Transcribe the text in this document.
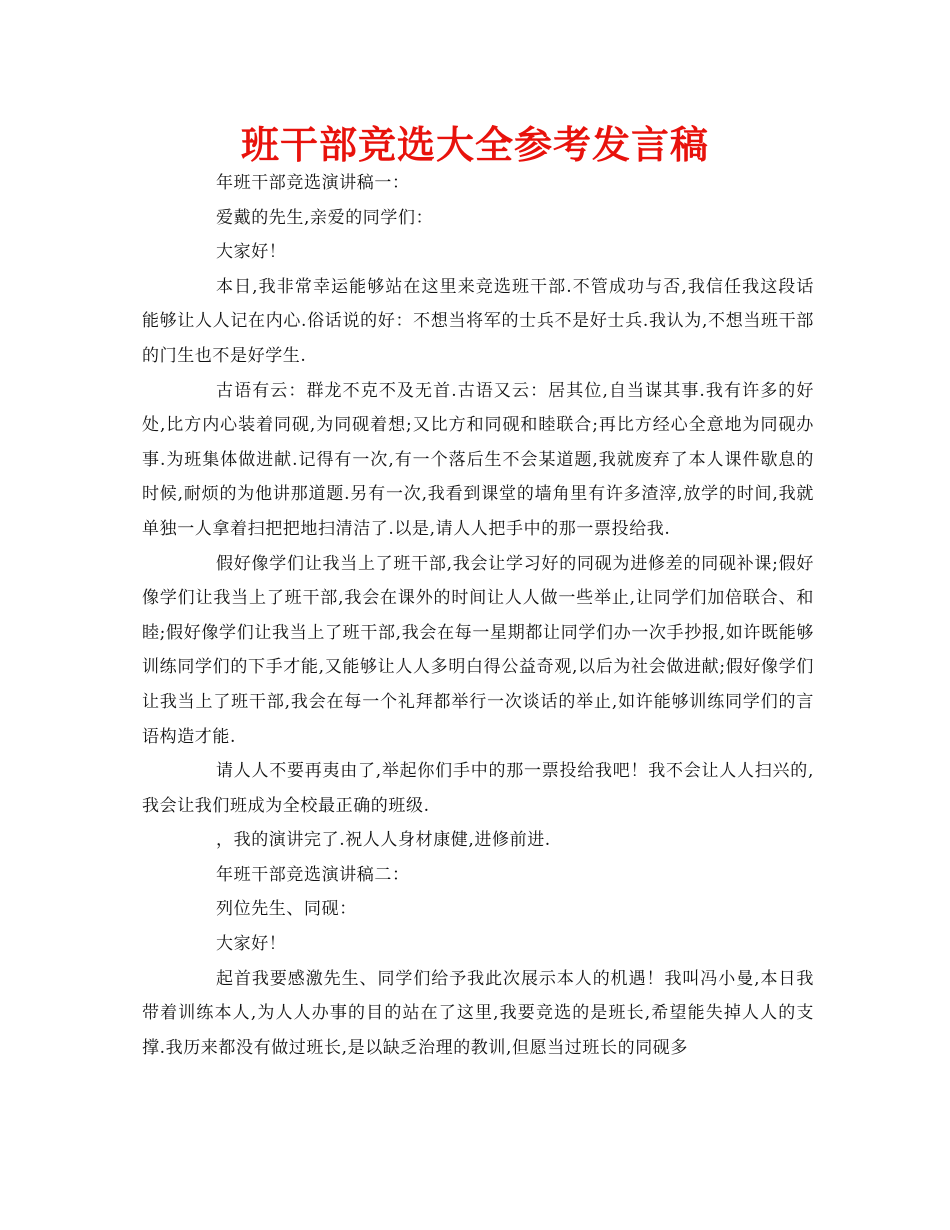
班干部竞选大全参考发言稿

年班干部竞选演讲稿一：

爱戴的先生,亲爱的同学们：

大家好！

本日,我非常幸运能够站在这里来竞选班干部.不管成功与否,我信任我这段话能够让人人记在内心.俗话说的好：不想当将军的士兵不是好士兵.我认为,不想当班干部的门生也不是好学生.

古语有云：群龙不克不及无首.古语又云：居其位,自当谋其事.我有许多的好处,比方内心装着同砚,为同砚着想;又比方和同砚和睦联合;再比方经心全意地为同砚办事.为班集体做进献.记得有一次,有一个落后生不会某道题,我就废弃了本人课件歇息的时候,耐烦的为他讲那道题.另有一次,我看到课堂的墙角里有许多渣滓,放学的时间,我就单独一人拿着扫把把地扫清洁了.以是,请人人把手中的那一票投给我.

假好像学们让我当上了班干部,我会让学习好的同砚为进修差的同砚补课;假好像学们让我当上了班干部,我会在课外的时间让人人做一些举止,让同学们加倍联合、和睦;假好像学们让我当上了班干部,我会在每一星期都让同学们办一次手抄报,如许既能够训练同学们的下手才能,又能够让人人多明白得公益奇观,以后为社会做进献;假好像学们让我当上了班干部,我会在每一个礼拜都举行一次谈话的举止,如许能够训练同学们的言语构造才能.

请人人不要再夷由了,举起你们手中的那一票投给我吧！我不会让人人扫兴的,我会让我们班成为全校最正确的班级.

，我的演讲完了.祝人人身材康健,进修前进.

年班干部竞选演讲稿二：

列位先生、同砚：

大家好！

起首我要感激先生、同学们给予我此次展示本人的机遇！我叫冯小曼,本日我带着训练本人,为人人办事的目的站在了这里,我要竞选的是班长,希望能失掉人人的支撑.我历来都没有做过班长,是以缺乏治理的教训,但愿当过班长的同砚多
